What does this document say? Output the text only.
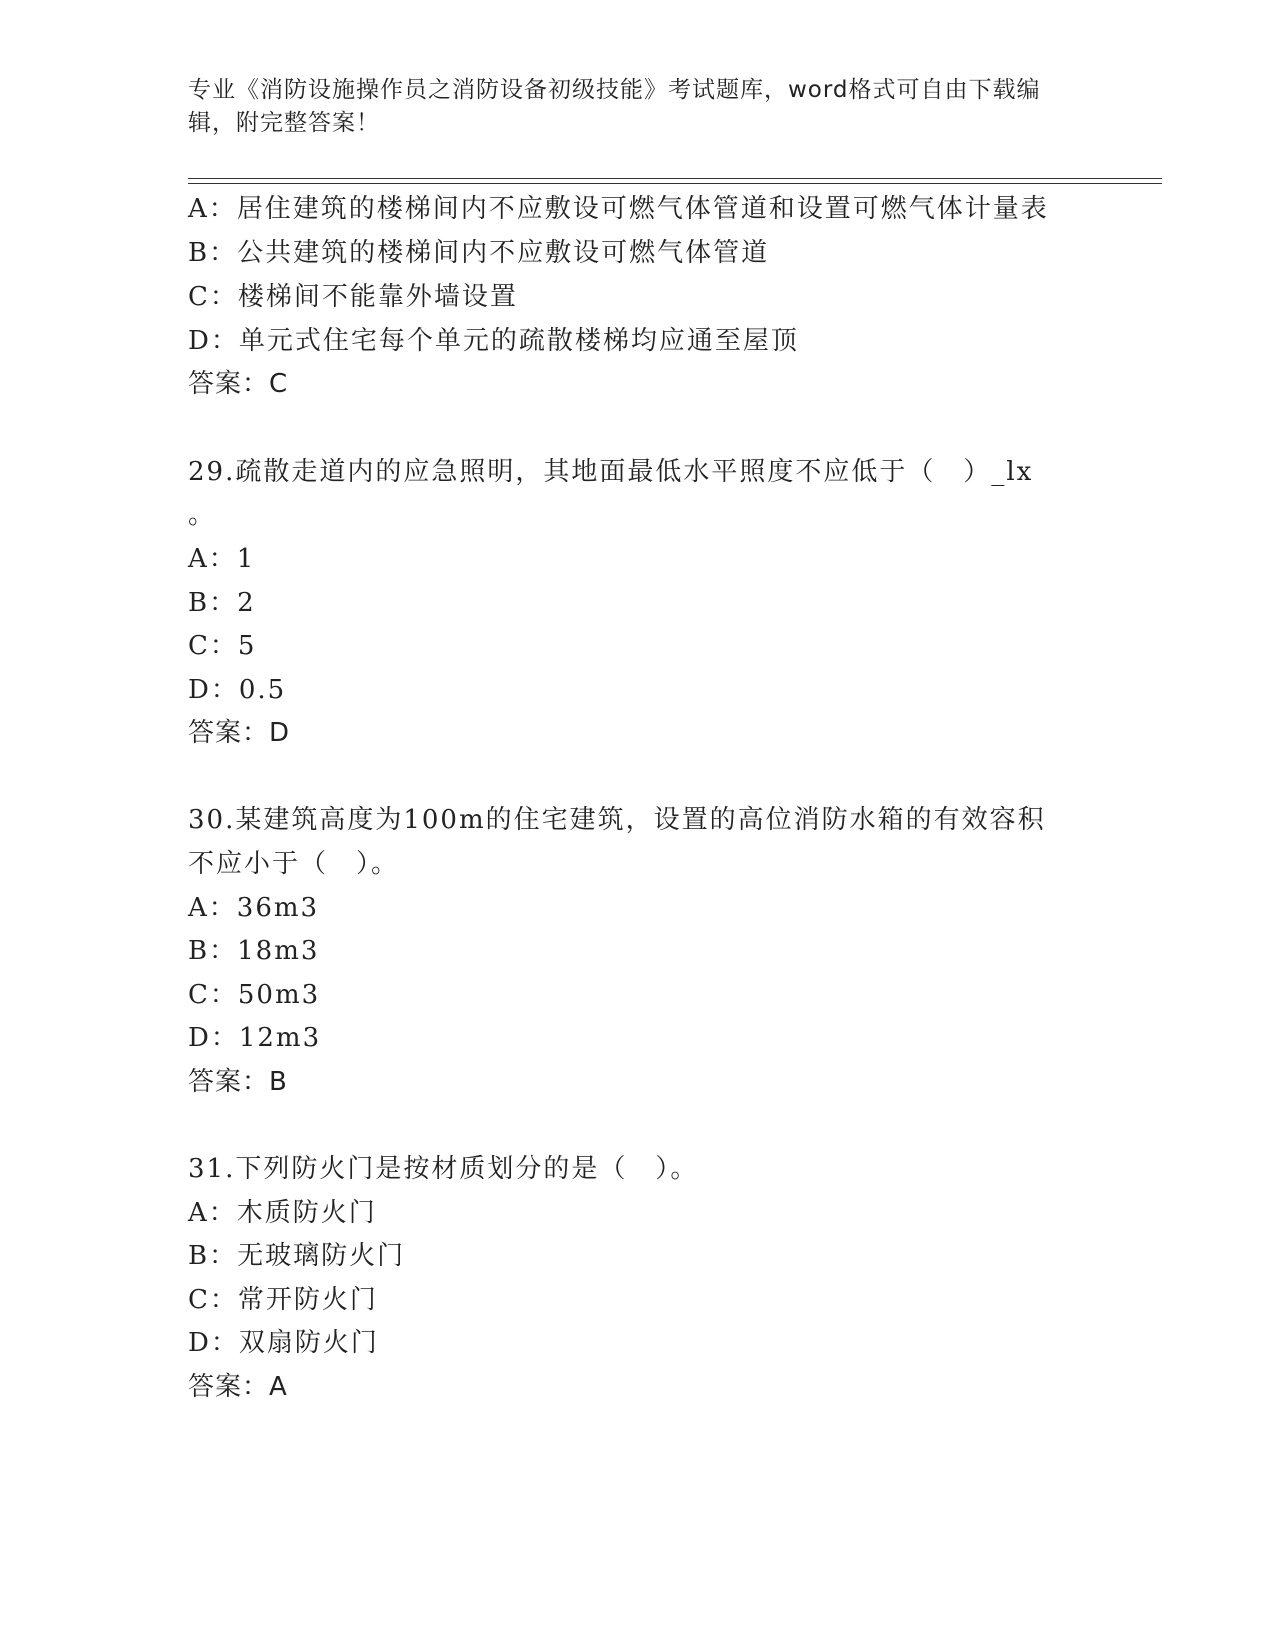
专业《消防设施操作员之消防设备初级技能》考试题库，word格式可自由下载编
辑，附完整答案！
A：居住建筑的楼梯间内不应敷设可燃气体管道和设置可燃气体计量表
B：公共建筑的楼梯间内不应敷设可燃气体管道
C：楼梯间不能靠外墙设置
D：单元式住宅每个单元的疏散楼梯均应通至屋顶
答案：C
29.疏散走道内的应急照明，其地面最低水平照度不应低于（　）_lx
。
A：1
B：2
C：5
D：0.5
答案：D
30.某建筑高度为100m的住宅建筑，设置的高位消防水箱的有效容积
不应小于（　）。
A：36m3
B：18m3
C：50m3
D：12m3
答案：B
31.下列防火门是按材质划分的是（　）。
A：木质防火门
B：无玻璃防火门
C：常开防火门
D：双扇防火门
答案：A
